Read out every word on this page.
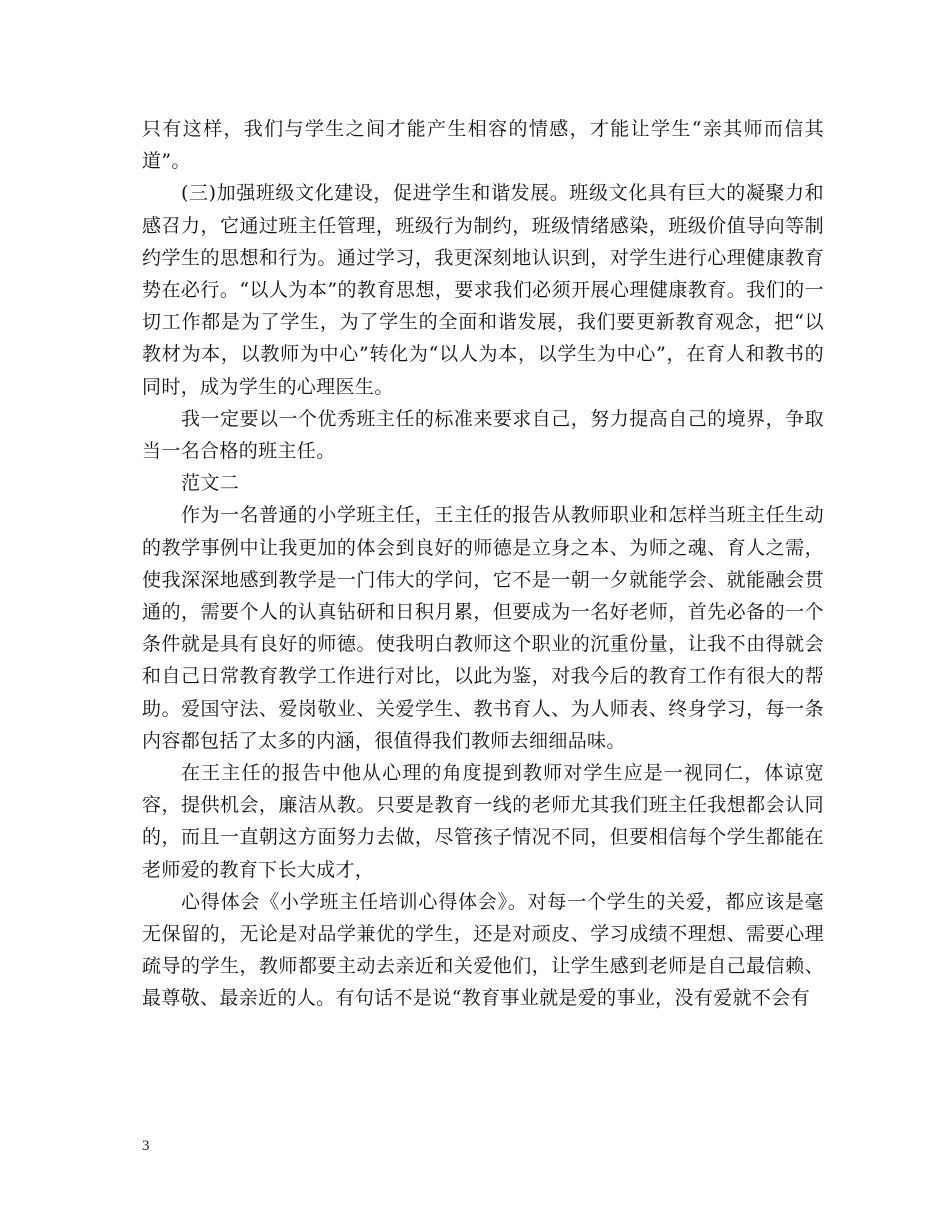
只有这样，我们与学生之间才能产生相容的情感，才能让学生“亲其师而信其道”。

(三)加强班级文化建设，促进学生和谐发展。班级文化具有巨大的凝聚力和感召力，它通过班主任管理，班级行为制约，班级情绪感染，班级价值导向等制约学生的思想和行为。通过学习，我更深刻地认识到，对学生进行心理健康教育势在必行。“以人为本”的教育思想，要求我们必须开展心理健康教育。我们的一切工作都是为了学生，为了学生的全面和谐发展，我们要更新教育观念，把“以教材为本，以教师为中心”转化为“以人为本，以学生为中心”，在育人和教书的同时，成为学生的心理医生。

我一定要以一个优秀班主任的标准来要求自己，努力提高自己的境界，争取当一名合格的班主任。

范文二

作为一名普通的小学班主任，王主任的报告从教师职业和怎样当班主任生动的教学事例中让我更加的体会到良好的师德是立身之本、为师之魂、育人之需，使我深深地感到教学是一门伟大的学问，它不是一朝一夕就能学会、就能融会贯通的，需要个人的认真钻研和日积月累，但要成为一名好老师，首先必备的一个条件就是具有良好的师德。使我明白教师这个职业的沉重份量，让我不由得就会和自己日常教育教学工作进行对比，以此为鉴，对我今后的教育工作有很大的帮助。爱国守法、爱岗敬业、关爱学生、教书育人、为人师表、终身学习，每一条内容都包括了太多的内涵，很值得我们教师去细细品味。

在王主任的报告中他从心理的角度提到教师对学生应是一视同仁，体谅宽容，提供机会，廉洁从教。只要是教育一线的老师尤其我们班主任我想都会认同的，而且一直朝这方面努力去做，尽管孩子情况不同，但要相信每个学生都能在老师爱的教育下长大成才，

心得体会《小学班主任培训心得体会》。对每一个学生的关爱，都应该是毫无保留的，无论是对品学兼优的学生，还是对顽皮、学习成绩不理想、需要心理疏导的学生，教师都要主动去亲近和关爱他们，让学生感到老师是自己最信赖、最尊敬、最亲近的人。有句话不是说“教育事业就是爱的事业，没有爱就不会有

3
